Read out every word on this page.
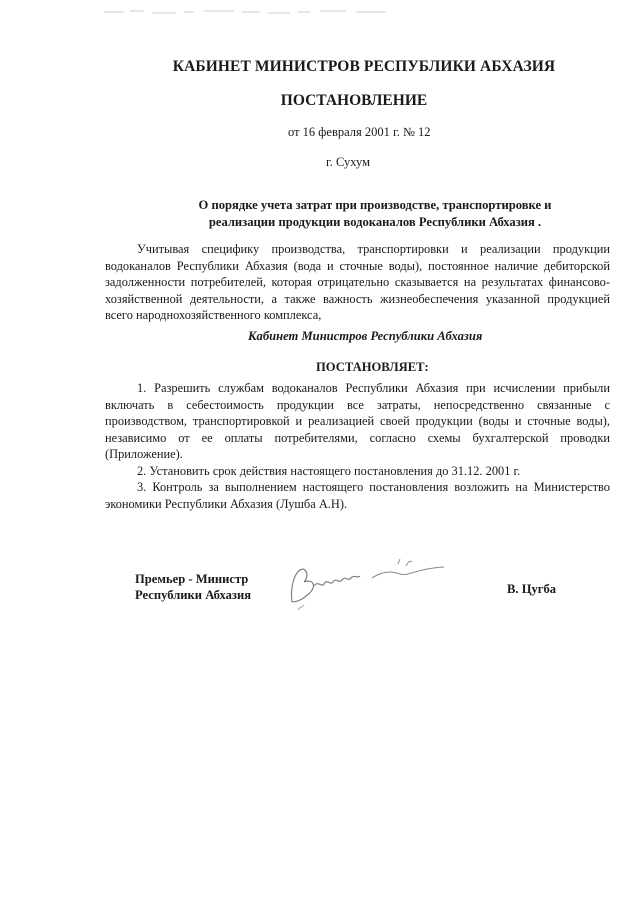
КАБИНЕТ МИНИСТРОВ РЕСПУБЛИКИ АБХАЗИЯ
ПОСТАНОВЛЕНИЕ
от 16 февраля 2001 г. № 12
г. Сухум
О порядке учета затрат при производстве, транспортировке и
реализации продукции водоканалов Республики Абхазия .
Учитывая специфику производства, транспортировки и реализации продукции водоканалов Республики Абхазия (вода и сточные воды), постоянное наличие дебиторской задолженности потребителей, которая отрицательно сказывается на результатах финансово-хозяйственной деятельности, а также важность жизнеобеспечения указанной продукцией всего народнохозяйственного комплекса,
Кабинет Министров Республики Абхазия
ПОСТАНОВЛЯЕТ:

1. Разрешить службам водоканалов Республики Абхазия при исчислении прибыли включать в себестоимость продукции все затраты, непосредственно связанные с производством, транспортировкой и реализацией своей продукции (воды и сточные воды), независимо от ее оплаты потребителями, согласно схемы бухгалтерской проводки (Приложение).

2. Установить срок действия настоящего постановления до 31.12. 2001 г.

3. Контроль за выполнением настоящего постановления возложить на Министерство экономики Республики Абхазия (Лушба А.Н).

Премьер - Министр
Республики Абхазия	В. Цугба
